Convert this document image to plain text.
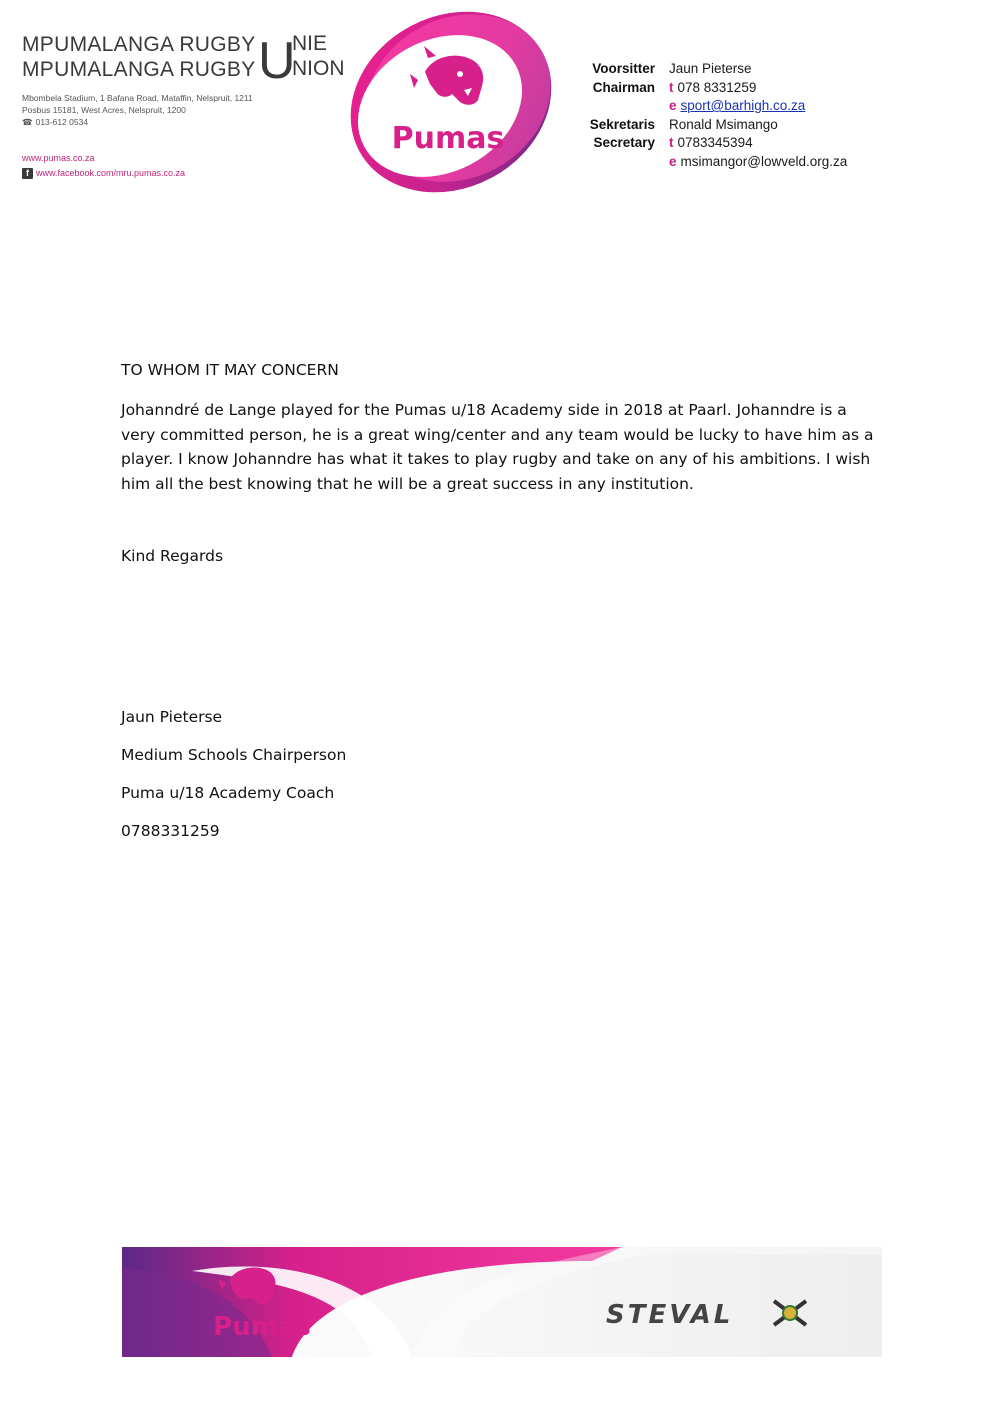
MPUMALANGA RUGBY
MPUMALANGA RUGBY U
NIE
NION
Mbombela Stadium, 1 Bafana Road, Mataffin, Nelspruit, 1211
Posbus 15181, West Acres, Nelspruit, 1200
☎ 013-612 0534
www.pumas.co.za
f www.facebook.com/mru.pumas.co.za
Pumas
Voorsitter	Jaun Pieterse
Chairman	t 078 8331259
e sport@barhigh.co.za
Sekretaris	Ronald Msimango
Secretary	t 0783345394
e msimangor@lowveld.org.za
TO WHOM IT MAY CONCERN
Johanndré de Lange played for the Pumas u/18 Academy side in 2018 at Paarl. Johanndre is a very committed person, he is a great wing/center and any team would be lucky to have him as a player. I know Johanndre has what it takes to play rugby and take on any of his ambitions. I wish him all the best knowing that he will be a great success in any institution.
Kind Regards
Jaun Pieterse
Medium Schools Chairperson
Puma u/18 Academy Coach
0788331259
Pumas	STEVAL
